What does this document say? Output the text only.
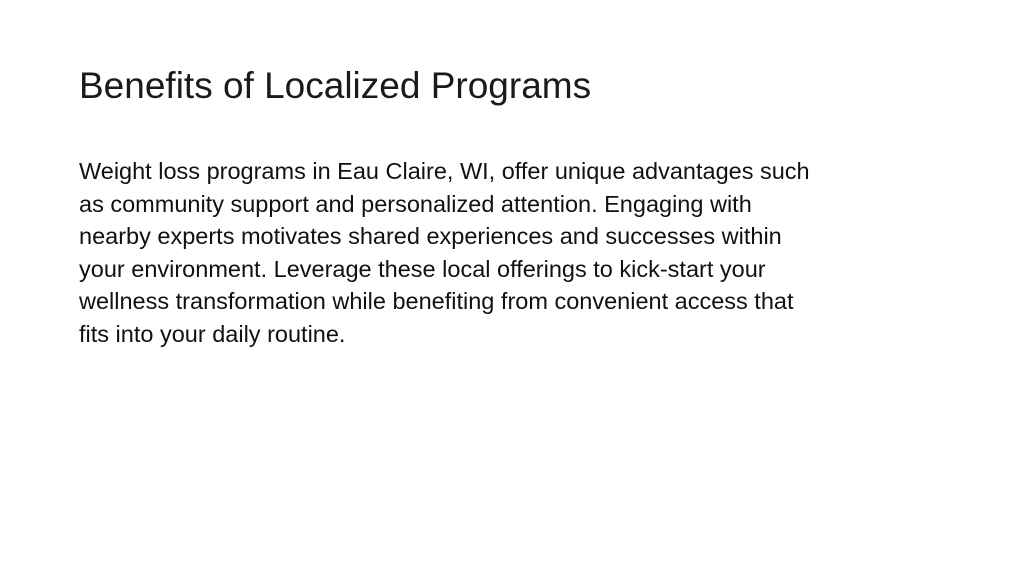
Benefits of Localized Programs
Weight loss programs in Eau Claire, WI, offer unique advantages such
as community support and personalized attention. Engaging with
nearby experts motivates shared experiences and successes within
your environment. Leverage these local offerings to kick-start your
wellness transformation while benefiting from convenient access that
fits into your daily routine.
